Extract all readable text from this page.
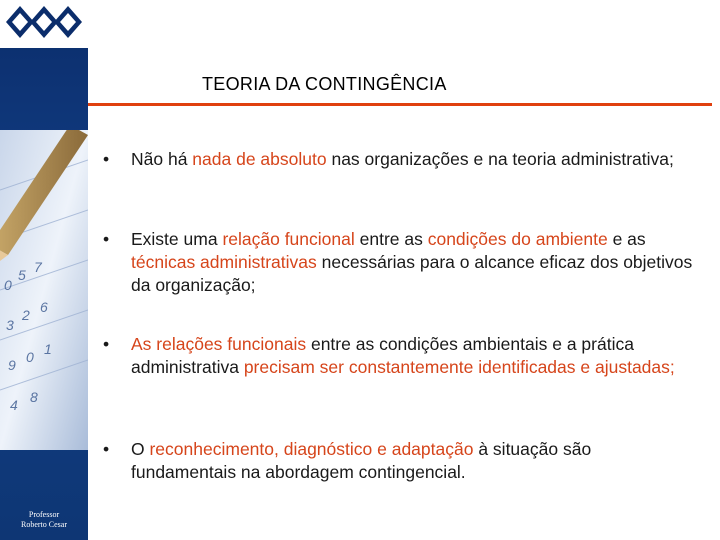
0
5 7
3
2 6
9 0 1
4 8
Professor
Roberto Cesar
TEORIA DA CONTINGÊNCIA
• Não há nada de absoluto nas organizações e na teoria administrativa;
• Existe uma relação funcional entre as condições do ambiente e as técnicas administrativas necessárias para o alcance eficaz dos objetivos da organização;
• As relações funcionais entre as condições ambientais e a prática administrativa precisam ser constantemente identificadas e ajustadas;
• O reconhecimento, diagnóstico e adaptação à situação são fundamentais na abordagem contingencial.
